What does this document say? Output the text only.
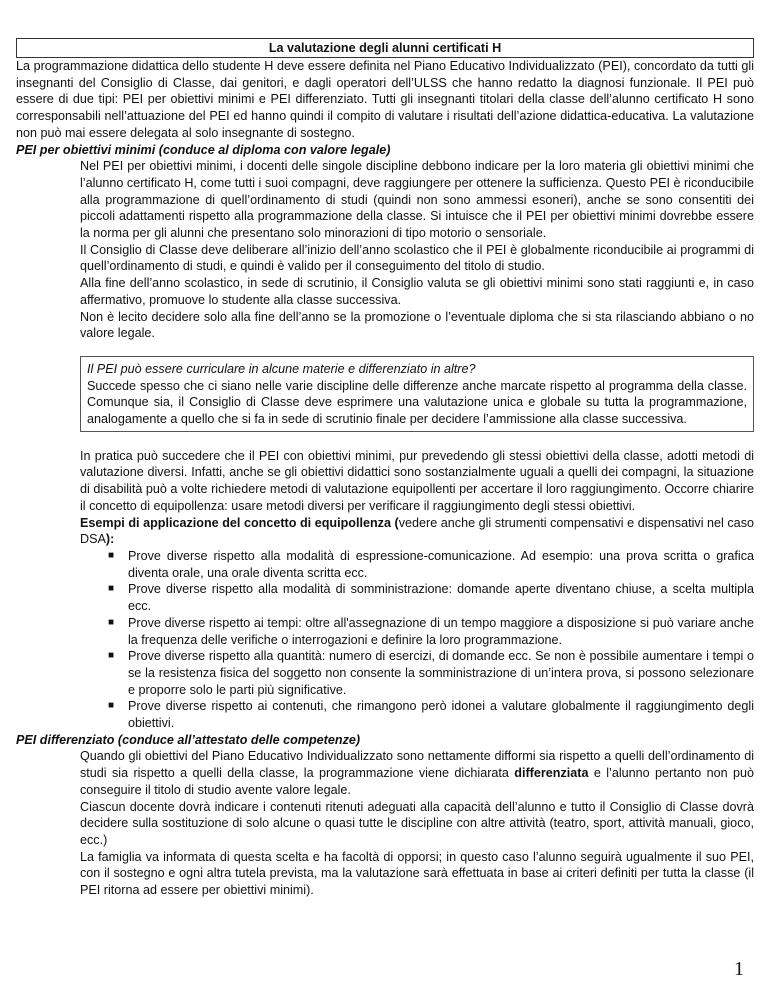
La valutazione degli alunni certificati H

La programmazione didattica dello studente H deve essere definita nel Piano Educativo Individualizzato (PEI), concordato da tutti gli insegnanti del Consiglio di Classe, dai genitori, e dagli operatori dell’ULSS che hanno redatto la diagnosi funzionale. Il PEI può essere di due tipi: PEI per obiettivi minimi e PEI differenziato. Tutti gli insegnanti titolari della classe dell’alunno certificato H sono corresponsabili nell’attuazione del PEI ed hanno quindi il compito di valutare i risultati dell’azione didattica-educativa. La valutazione non può mai essere delegata al solo insegnante di sostegno.

PEI per obiettivi minimi (conduce al diploma con valore legale)

Nel PEI per obiettivi minimi, i docenti delle singole discipline debbono indicare per la loro materia gli obiettivi minimi che l’alunno certificato H, come tutti i suoi compagni, deve raggiungere per ottenere la sufficienza. Questo PEI è riconducibile alla programmazione di quell’ordinamento di studi (quindi non sono ammessi esoneri), anche se sono consentiti dei piccoli adattamenti rispetto alla programmazione della classe. Si intuisce che il PEI per obiettivi minimi dovrebbe essere la norma per gli alunni che presentano solo minorazioni di tipo motorio o sensoriale.

Il Consiglio di Classe deve deliberare all’inizio dell’anno scolastico che il PEI è globalmente riconducibile ai programmi di quell’ordinamento di studi, e quindi è valido per il conseguimento del titolo di studio.

Alla fine dell’anno scolastico, in sede di scrutinio, il Consiglio valuta se gli obiettivi minimi sono stati raggiunti e, in caso affermativo, promuove lo studente alla classe successiva.

Non è lecito decidere solo alla fine dell’anno se la promozione o l’eventuale diploma che si sta rilasciando abbiano o no valore legale.

Il PEI può essere curriculare in alcune materie e differenziato in altre?

Succede spesso che ci siano nelle varie discipline delle differenze anche marcate rispetto al programma della classe. Comunque sia, il Consiglio di Classe deve esprimere una valutazione unica e globale su tutta la programmazione, analogamente a quello che si fa in sede di scrutinio finale per decidere l’ammissione alla classe successiva.

In pratica può succedere che il PEI con obiettivi minimi, pur prevedendo gli stessi obiettivi della classe, adotti metodi di valutazione diversi. Infatti, anche se gli obiettivi didattici sono sostanzialmente uguali a quelli dei compagni, la situazione di disabilità può a volte richiedere metodi di valutazione equipollenti per accertare il loro raggiungimento. Occorre chiarire il concetto di equipollenza: usare metodi diversi per verificare il raggiungimento degli stessi obiettivi.

Esempi di applicazione del concetto di equipollenza (vedere anche gli strumenti compensativi e dispensativi nel caso DSA):

■ Prove diverse rispetto alla modalità di espressione-comunicazione. Ad esempio: una prova scritta o grafica diventa orale, una orale diventa scritta ecc.
■ Prove diverse rispetto alla modalità di somministrazione: domande aperte diventano chiuse, a scelta multipla ecc.
■ Prove diverse rispetto ai tempi: oltre all'assegnazione di un tempo maggiore a disposizione si può variare anche la frequenza delle verifiche o interrogazioni e definire la loro programmazione.
■ Prove diverse rispetto alla quantità: numero di esercizi, di domande ecc. Se non è possibile aumentare i tempi o se la resistenza fisica del soggetto non consente la somministrazione di un’intera prova, si possono selezionare e proporre solo le parti più significative.
■ Prove diverse rispetto ai contenuti, che rimangono però idonei a valutare globalmente il raggiungimento degli obiettivi.
PEI differenziato (conduce all’attestato delle competenze)

Quando gli obiettivi del Piano Educativo Individualizzato sono nettamente difformi sia rispetto a quelli dell’ordinamento di studi sia rispetto a quelli della classe, la programmazione viene dichiarata differenziata e l’alunno pertanto non può conseguire il titolo di studio avente valore legale.

Ciascun docente dovrà indicare i contenuti ritenuti adeguati alla capacità dell’alunno e tutto il Consiglio di Classe dovrà decidere sulla sostituzione di solo alcune o quasi tutte le discipline con altre attività (teatro, sport, attività manuali, gioco, ecc.)

La famiglia va informata di questa scelta e ha facoltà di opporsi; in questo caso l’alunno seguirà ugualmente il suo PEI, con il sostegno e ogni altra tutela prevista, ma la valutazione sarà effettuata in base ai criteri definiti per tutta la classe (il PEI ritorna ad essere per obiettivi minimi).

1
